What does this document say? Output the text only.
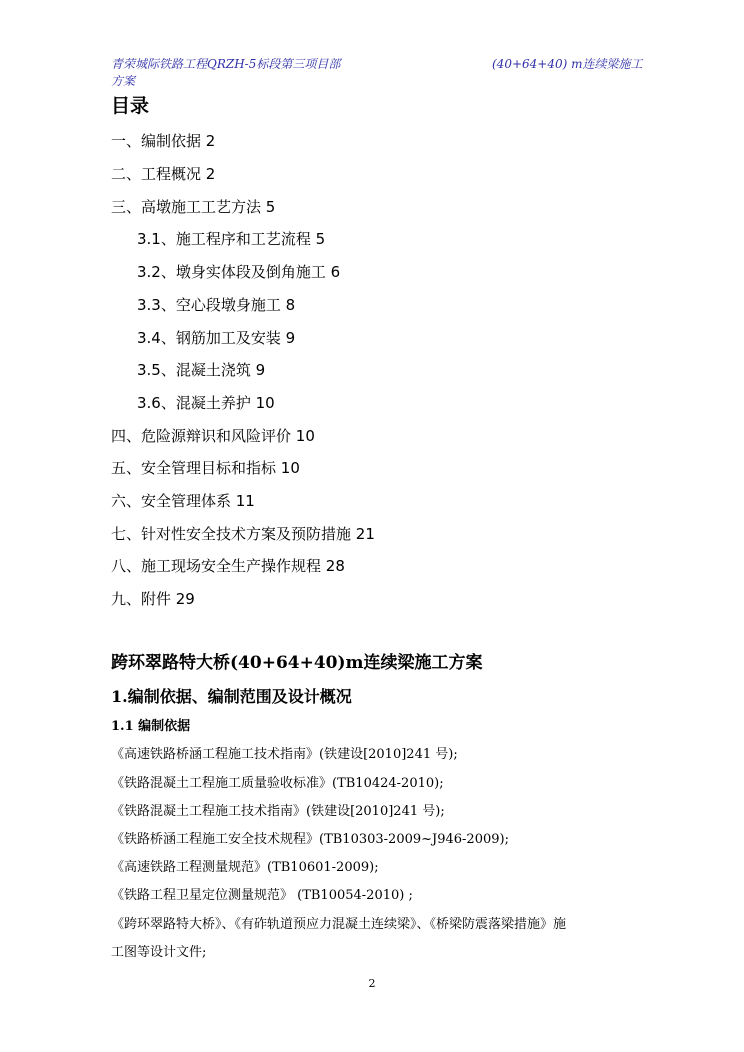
青荣城际铁路工程QRZH-5标段第三项目部
方案
(40+64+40) m连续梁施工
目录
一、编制依据 2
二、工程概况 2
三、高墩施工工艺方法 5
3.1、施工程序和工艺流程 5
3.2、墩身实体段及倒角施工 6
3.3、空心段墩身施工 8
3.4、钢筋加工及安装 9
3.5、混凝土浇筑 9
3.6、混凝土养护 10
四、危险源辩识和风险评价 10
五、安全管理目标和指标 10
六、安全管理体系 11
七、针对性安全技术方案及预防措施 21
八、施工现场安全生产操作规程 28
九、附件 29
跨环翠路特大桥(40+64+40)m连续梁施工方案
1.编制依据、编制范围及设计概况
1.1 编制依据
《高速铁路桥涵工程施工技术指南》(铁建设[2010]241 号);
《铁路混凝土工程施工质量验收标准》(TB10424-2010);
《铁路混凝土工程施工技术指南》(铁建设[2010]241 号);
《铁路桥涵工程施工安全技术规程》(TB10303-2009~J946-2009);
《高速铁路工程测量规范》(TB10601-2009);
《铁路工程卫星定位测量规范》 (TB10054-2010) ;
《跨环翠路特大桥》、《有砟轨道预应力混凝土连续梁》、《桥梁防震落梁措施》施
工图等设计文件;
2
